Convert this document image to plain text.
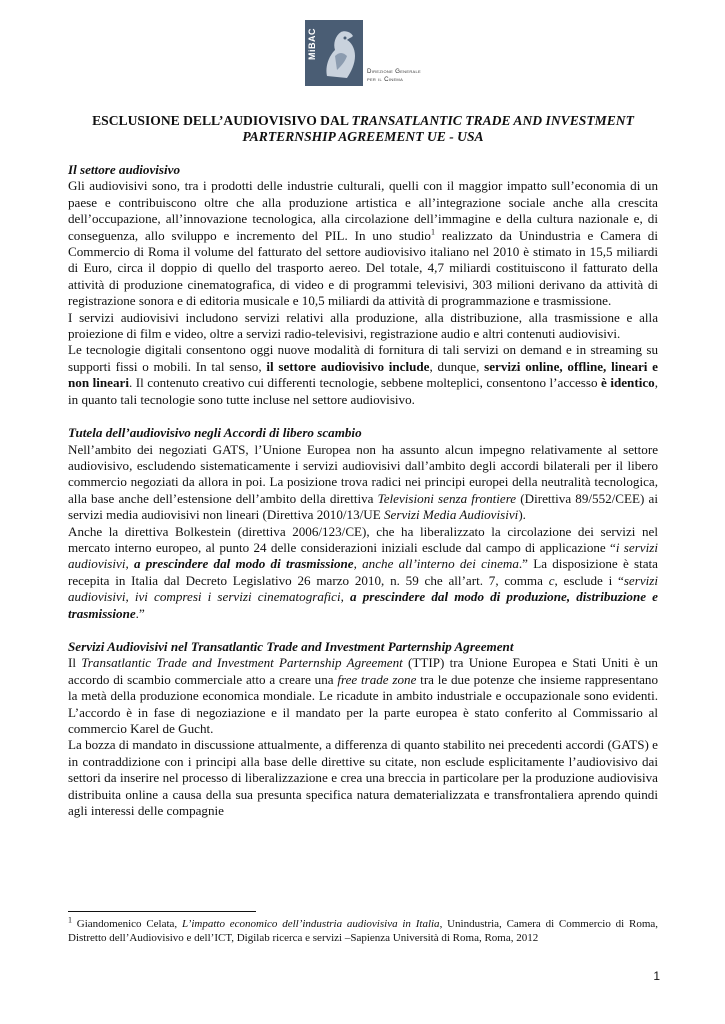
MiBAC
Direzione Generale
per il Cinema
ESCLUSIONE DELL’AUDIOVISIVO DAL TRANSATLANTIC TRADE AND INVESTMENT PARTERNSHIP AGREEMENT UE - USA
Il settore audiovisivo

Gli audiovisivi sono, tra i prodotti delle industrie culturali, quelli con il maggior impatto sull’economia di un paese e contribuiscono oltre che alla produzione artistica e all’integrazione sociale anche alla crescita dell’occupazione, all’innovazione tecnologica, alla circolazione dell’immagine e della cultura nazionale e, di conseguenza, allo sviluppo e incremento del PIL. In uno studio$^1$ realizzato da Unindustria e Camera di Commercio di Roma il volume del fatturato del settore audiovisivo italiano nel 2010 è stimato in 15,5 miliardi di Euro, circa il doppio di quello del trasporto aereo. Del totale, 4,7 miliardi costituiscono il fatturato della attività di produzione cinematografica, di video e di programmi televisivi, 303 milioni derivano da attività di registrazione sonora e di editoria musicale e 10,5 miliardi da attività di programmazione e trasmissione.

I servizi audiovisivi includono servizi relativi alla produzione, alla distribuzione, alla trasmissione e alla proiezione di film e video, oltre a servizi radio-televisivi, registrazione audio e altri contenuti audiovisivi.

Le tecnologie digitali consentono oggi nuove modalità di fornitura di tali servizi on demand e in streaming su supporti fissi o mobili. In tal senso, il settore audiovisivo include, dunque, servizi online, offline, lineari e non lineari. Il contenuto creativo cui differenti tecnologie, sebbene molteplici, consentono l’accesso è identico, in quanto tali tecnologie sono tutte incluse nel settore audiovisivo.

Tutela dell’audiovisivo negli Accordi di libero scambio

Nell’ambito dei negoziati GATS, l’Unione Europea non ha assunto alcun impegno relativamente al settore audiovisivo, escludendo sistematicamente i servizi audiovisivi dall’ambito degli accordi bilaterali per il libero commercio negoziati da allora in poi. La posizione trova radici nei principi europei della neutralità tecnologica, alla base anche dell’estensione dell’ambito della direttiva Televisioni senza frontiere (Direttiva 89/552/CEE) ai servizi media audiovisivi non lineari (Direttiva 2010/13/UE Servizi Media Audiovisivi).

Anche la direttiva Bolkestein (direttiva 2006/123/CE), che ha liberalizzato la circolazione dei servizi nel mercato interno europeo, al punto 24 delle considerazioni iniziali esclude dal campo di applicazione “i servizi audiovisivi, a prescindere dal modo di trasmissione, anche all’interno dei cinema.” La disposizione è stata recepita in Italia dal Decreto Legislativo 26 marzo 2010, n. 59 che all’art. 7, comma c, esclude i “servizi audiovisivi, ivi compresi i servizi cinematografici, a prescindere dal modo di produzione, distribuzione e trasmissione.”

Servizi Audiovisivi nel Transatlantic Trade and Investment Parternship Agreement

Il Transatlantic Trade and Investment Parternship Agreement (TTIP) tra Unione Europea e Stati Uniti è un accordo di scambio commerciale atto a creare una free trade zone tra le due potenze che insieme rappresentano la metà della produzione economica mondiale. Le ricadute in ambito industriale e occupazionale sono evidenti. L’accordo è in fase di negoziazione e il mandato per la parte europea è stato conferito al Commissario al commercio Karel de Gucht.

La bozza di mandato in discussione attualmente, a differenza di quanto stabilito nei precedenti accordi (GATS) e in contraddizione con i principi alla base delle direttive su citate, non esclude esplicitamente l’audiovisivo dai settori da inserire nel processo di liberalizzazione e crea una breccia in particolare per la produzione audiovisiva distribuita online a causa della sua presunta specifica natura dematerializzata e transfrontaliera aprendo quindi agli interessi delle compagnie

$^1$ Giandomenico Celata, L’impatto economico dell’industria audiovisiva in Italia, Unindustria, Camera di Commercio di Roma, Distretto dell’Audiovisivo e dell’ICT, Digilab ricerca e servizi –Sapienza Università di Roma, Roma, 2012
1
